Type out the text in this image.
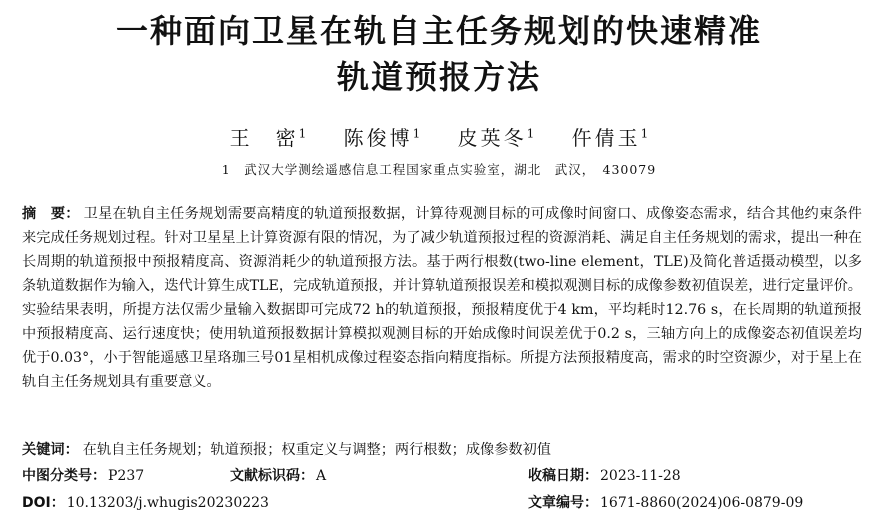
一种面向卫星在轨自主任务规划的快速精准
轨道预报方法
王　密$^1$ 陈俊博$^1$ 皮英冬$^1$ 仵倩玉$^1$
1　武汉大学测绘遥感信息工程国家重点实验室，湖北　武汉，　430079
摘　要： 卫星在轨自主任务规划需要高精度的轨道预报数据，计算待观测目标的可成像时间窗口、成像姿态需求，结合其他约束条件来完成任务规划过程。针对卫星星上计算资源有限的情况，为了减少轨道预报过程的资源消耗、满足自主任务规划的需求，提出一种在长周期的轨道预报中预报精度高、资源消耗少的轨道预报方法。基于两行根数(two-line element，TLE)及简化普适摄动模型，以多条轨道数据作为输入，迭代计算生成TLE，完成轨道预报，并计算轨道预报误差和模拟观测目标的成像参数初值误差，进行定量评价。实验结果表明，所提方法仅需少量输入数据即可完成72 h的轨道预报，预报精度优于4 km，平均耗时12.76 s，在长周期的轨道预报中预报精度高、运行速度快；使用轨道预报数据计算模拟观测目标的开始成像时间误差优于0.2 s，三轴方向上的成像姿态初值误差均优于0.03°，小于智能遥感卫星珞珈三号01星相机成像过程姿态指向精度指标。所提方法预报精度高，需求的时空资源少，对于星上在轨自主任务规划具有重要意义。
关键词： 在轨自主任务规划；轨道预报；权重定义与调整；两行根数；成像参数初值
中图分类号： P237	文献标识码： A	收稿日期： 2023-11-28
DOI： 10.13203/j.whugis20230223	文章编号： 1671-8860(2024)06-0879-09
